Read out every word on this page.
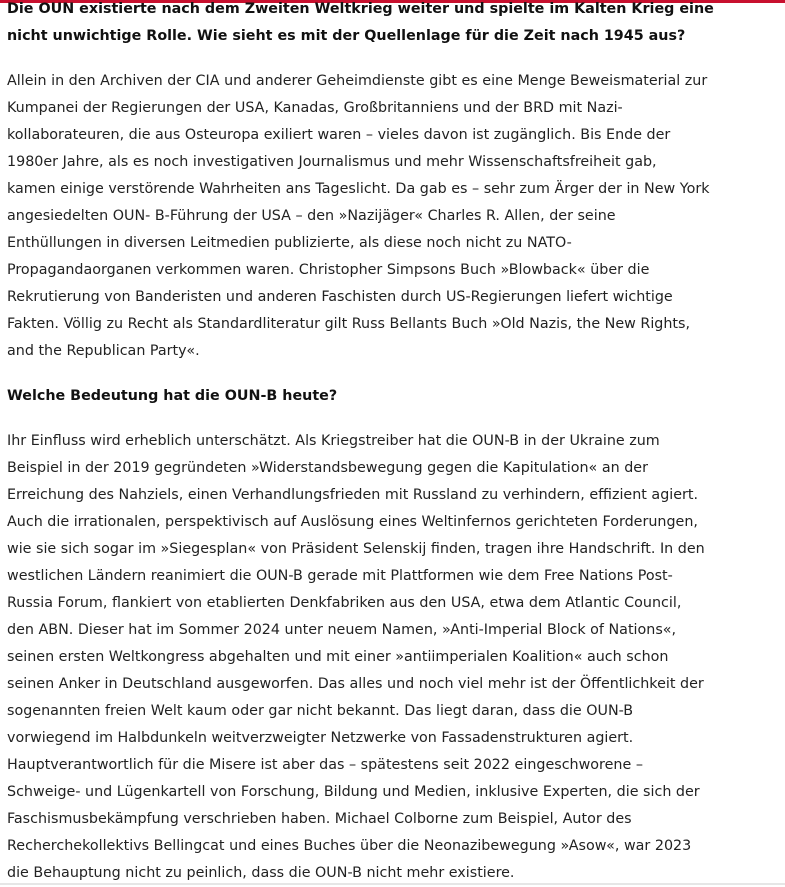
Die OUN existierte nach dem Zweiten Weltkrieg weiter und spielte im Kalten Krieg eine
nicht unwichtige Rolle. Wie sieht es mit der Quellenlage für die Zeit nach 1945 aus?

Allein in den Archiven der CIA und anderer Geheimdienste gibt es eine Menge Beweismaterial zur
Kumpanei der Regierungen der USA, Kanadas, Großbritanniens und der BRD mit Nazi-
kollaborateuren, die aus Osteuropa exiliert waren – vieles davon ist zugänglich. Bis Ende der
1980er Jahre, als es noch investigativen Journalismus und mehr Wissenschaftsfreiheit gab,
kamen einige verstörende Wahrheiten ans Tageslicht. Da gab es – sehr zum Ärger der in New York
angesiedelten OUN- B-Führung der USA – den »Nazijäger« Charles R. Allen, der seine
Enthüllungen in diversen Leitmedien publizierte, als diese noch nicht zu NATO-
Propagandaorganen verkommen waren. Christopher Simpsons Buch »Blowback« über die
Rekrutierung von Banderisten und anderen Faschisten durch US-Regierungen liefert wichtige
Fakten. Völlig zu Recht als Standardliteratur gilt Russ Bellants Buch »Old Nazis, the New Rights,
and the Republican Party«.

Welche Bedeutung hat die OUN-B heute?

Ihr Einfluss wird erheblich unterschätzt. Als Kriegstreiber hat die OUN-B in der Ukraine zum
Beispiel in der 2019 gegründeten »Widerstandsbewegung gegen die Kapitulation« an der
Erreichung des Nahziels, einen Verhandlungsfrieden mit Russland zu verhindern, effizient agiert.
Auch die irrationalen, perspektivisch auf Auslösung eines Weltinfernos gerichteten Forderungen,
wie sie sich sogar im »Siegesplan« von Präsident Selenskij finden, tragen ihre Handschrift. In den
westlichen Ländern reanimiert die OUN-B gerade mit Plattformen wie dem Free Nations Post-
Russia Forum, flankiert von etablierten Denkfabriken aus den USA, etwa dem Atlantic Council,
den ABN. Dieser hat im Sommer 2024 unter neuem Namen, »Anti-Imperial Block of Nations«,
seinen ersten Weltkongress abgehalten und mit einer »antiimperialen Koalition« auch schon
seinen Anker in Deutschland ausgeworfen. Das alles und noch viel mehr ist der Öffentlichkeit der
sogenannten freien Welt kaum oder gar nicht bekannt. Das liegt daran, dass die OUN-B
vorwiegend im Halbdunkeln weitverzweigter Netzwerke von Fassadenstrukturen agiert.
Hauptverantwortlich für die Misere ist aber das – spätestens seit 2022 eingeschworene –
Schweige- und Lügenkartell von Forschung, Bildung und Medien, inklusive Experten, die sich der
Faschismusbekämpfung verschrieben haben. Michael Colborne zum Beispiel, Autor des
Recherchekollektivs Bellingcat und eines Buches über die Neonazibewegung »Asow«, war 2023
die Behauptung nicht zu peinlich, dass die OUN-B nicht mehr existiere.
